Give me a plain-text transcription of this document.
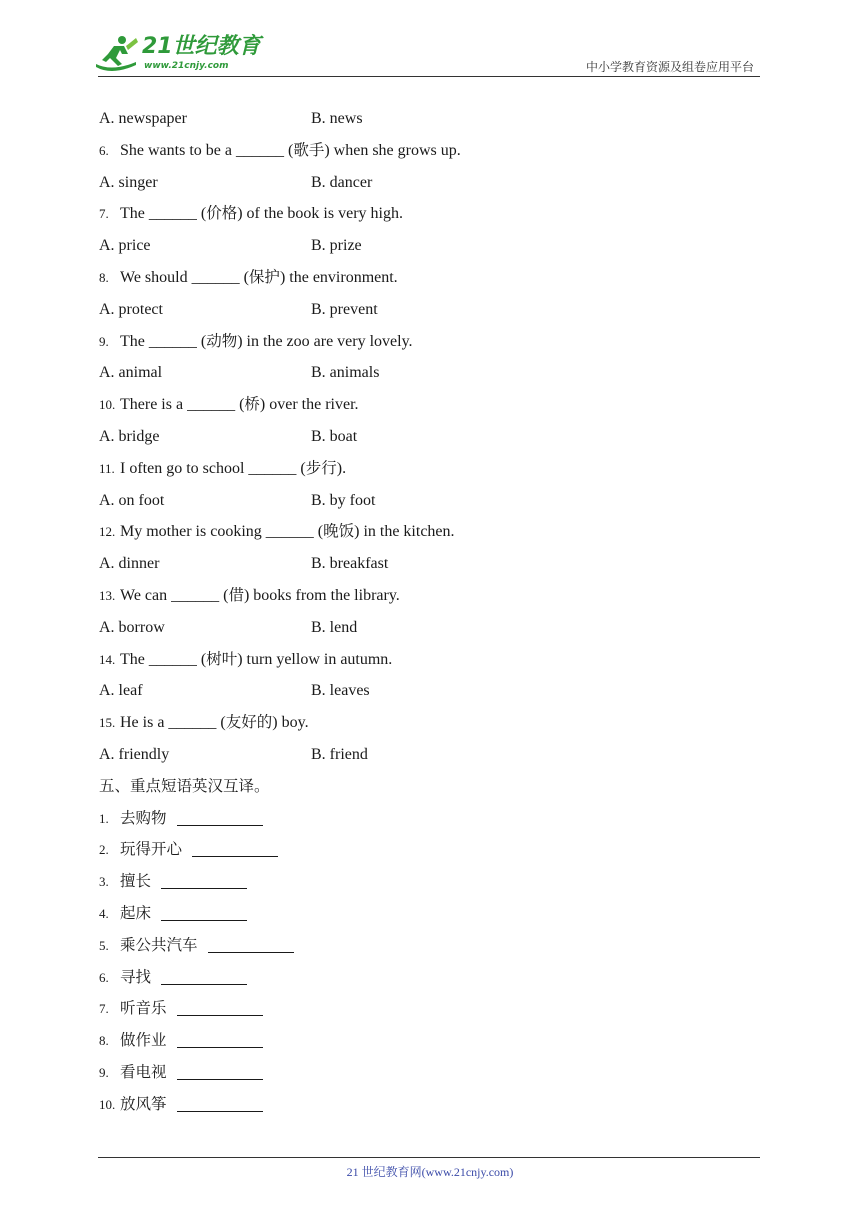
21世纪教育
www.21cnjy.com	中小学教育资源及组卷应用平台
A. newspaper	B. news
6. She wants to be a ______ (歌手) when she grows up.
A. singer	B. dancer
7. The ______ (价格) of the book is very high.
A. price	B. prize
8. We should ______ (保护) the environment.
A. protect	B. prevent
9. The ______ (动物) in the zoo are very lovely.
A. animal	B. animals
10. There is a ______ (桥) over the river.
A. bridge	B. boat
11. I often go to school ______ (步行).
A. on foot	B. by foot
12. My mother is cooking ______ (晚饭) in the kitchen.
A. dinner	B. breakfast
13. We can ______ (借) books from the library.
A. borrow	B. lend
14. The ______ (树叶) turn yellow in autumn.
A. leaf	B. leaves
15. He is a ______ (友好的) boy.
A. friendly	B. friend
五、重点短语英汉互译。
1. 去购物
2. 玩得开心
3. 擅长
4. 起床
5. 乘公共汽车
6. 寻找
7. 听音乐
8. 做作业
9. 看电视
10. 放风筝
21 世纪教育网(www.21cnjy.com)
